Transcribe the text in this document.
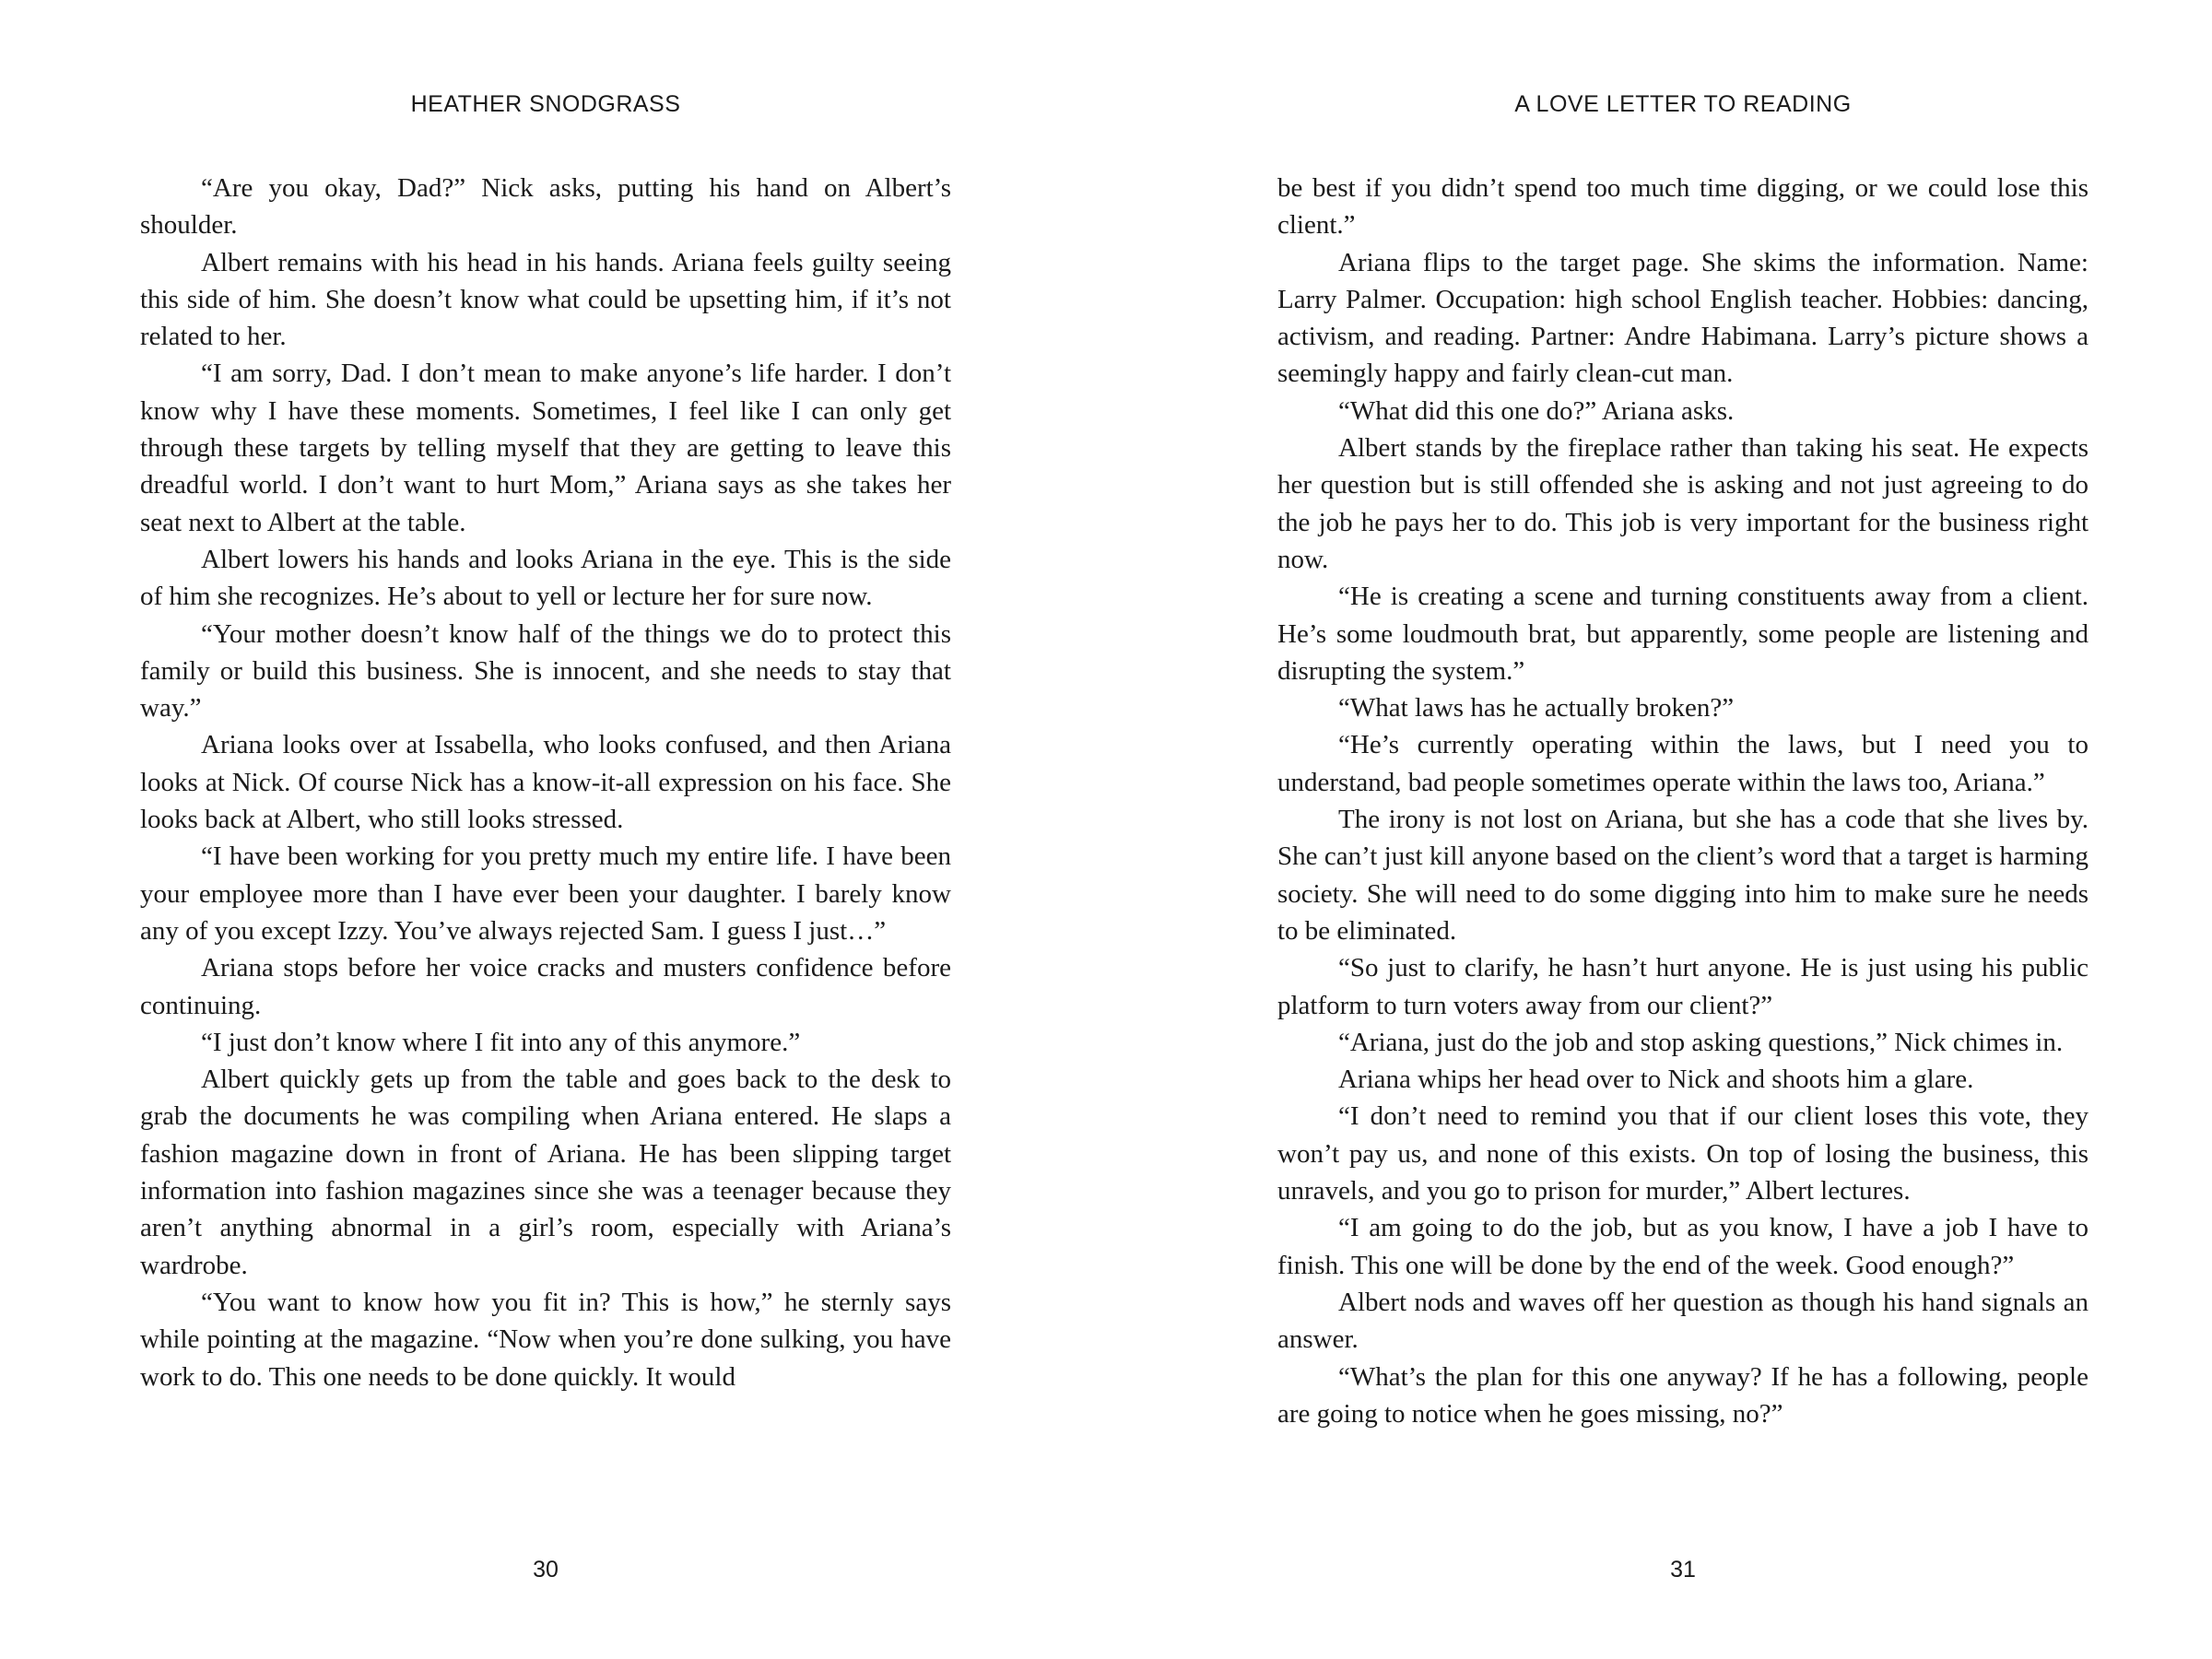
HEATHER SNODGRASS

“Are you okay, Dad?” Nick asks, putting his hand on Albert’s shoulder.

Albert remains with his head in his hands. Ariana feels guilty seeing this side of him. She doesn’t know what could be upsetting him, if it’s not related to her.

“I am sorry, Dad. I don’t mean to make anyone’s life harder. I don’t know why I have these moments. Sometimes, I feel like I can only get through these targets by telling myself that they are getting to leave this dreadful world. I don’t want to hurt Mom,” Ariana says as she takes her seat next to Albert at the table.

Albert lowers his hands and looks Ariana in the eye. This is the side of him she recognizes. He’s about to yell or lecture her for sure now.

“Your mother doesn’t know half of the things we do to protect this family or build this business. She is innocent, and she needs to stay that way.”

Ariana looks over at Issabella, who looks confused, and then Ariana looks at Nick. Of course Nick has a know-it-all expression on his face. She looks back at Albert, who still looks stressed.

“I have been working for you pretty much my entire life. I have been your employee more than I have ever been your daughter. I barely know any of you except Izzy. You’ve always rejected Sam. I guess I just…”

Ariana stops before her voice cracks and musters confidence before continuing.

“I just don’t know where I fit into any of this anymore.”

Albert quickly gets up from the table and goes back to the desk to grab the documents he was compiling when Ariana entered. He slaps a fashion magazine down in front of Ariana. He has been slipping target information into fashion magazines since she was a teenager because they aren’t anything abnormal in a girl’s room, especially with Ariana’s wardrobe.

“You want to know how you fit in? This is how,” he sternly says while pointing at the magazine. “Now when you’re done sulking, you have work to do. This one needs to be done quickly. It would

30
A LOVE LETTER TO READING

be best if you didn’t spend too much time digging, or we could lose this client.”

Ariana flips to the target page. She skims the information. Name: Larry Palmer. Occupation: high school English teacher. Hobbies: dancing, activism, and reading. Partner: Andre Habimana. Larry’s picture shows a seemingly happy and fairly clean-cut man.

“What did this one do?” Ariana asks.

Albert stands by the fireplace rather than taking his seat. He expects her question but is still offended she is asking and not just agreeing to do the job he pays her to do. This job is very important for the business right now.

“He is creating a scene and turning constituents away from a client. He’s some loudmouth brat, but apparently, some people are listening and disrupting the system.”

“What laws has he actually broken?”

“He’s currently operating within the laws, but I need you to understand, bad people sometimes operate within the laws too, Ariana.”

The irony is not lost on Ariana, but she has a code that she lives by. She can’t just kill anyone based on the client’s word that a target is harming society. She will need to do some digging into him to make sure he needs to be eliminated.

“So just to clarify, he hasn’t hurt anyone. He is just using his public platform to turn voters away from our client?”

“Ariana, just do the job and stop asking questions,” Nick chimes in.

Ariana whips her head over to Nick and shoots him a glare.

“I don’t need to remind you that if our client loses this vote, they won’t pay us, and none of this exists. On top of losing the business, this unravels, and you go to prison for murder,” Albert lectures.

“I am going to do the job, but as you know, I have a job I have to finish. This one will be done by the end of the week. Good enough?”

Albert nods and waves off her question as though his hand signals an answer.

“What’s the plan for this one anyway? If he has a following, people are going to notice when he goes missing, no?”

31
